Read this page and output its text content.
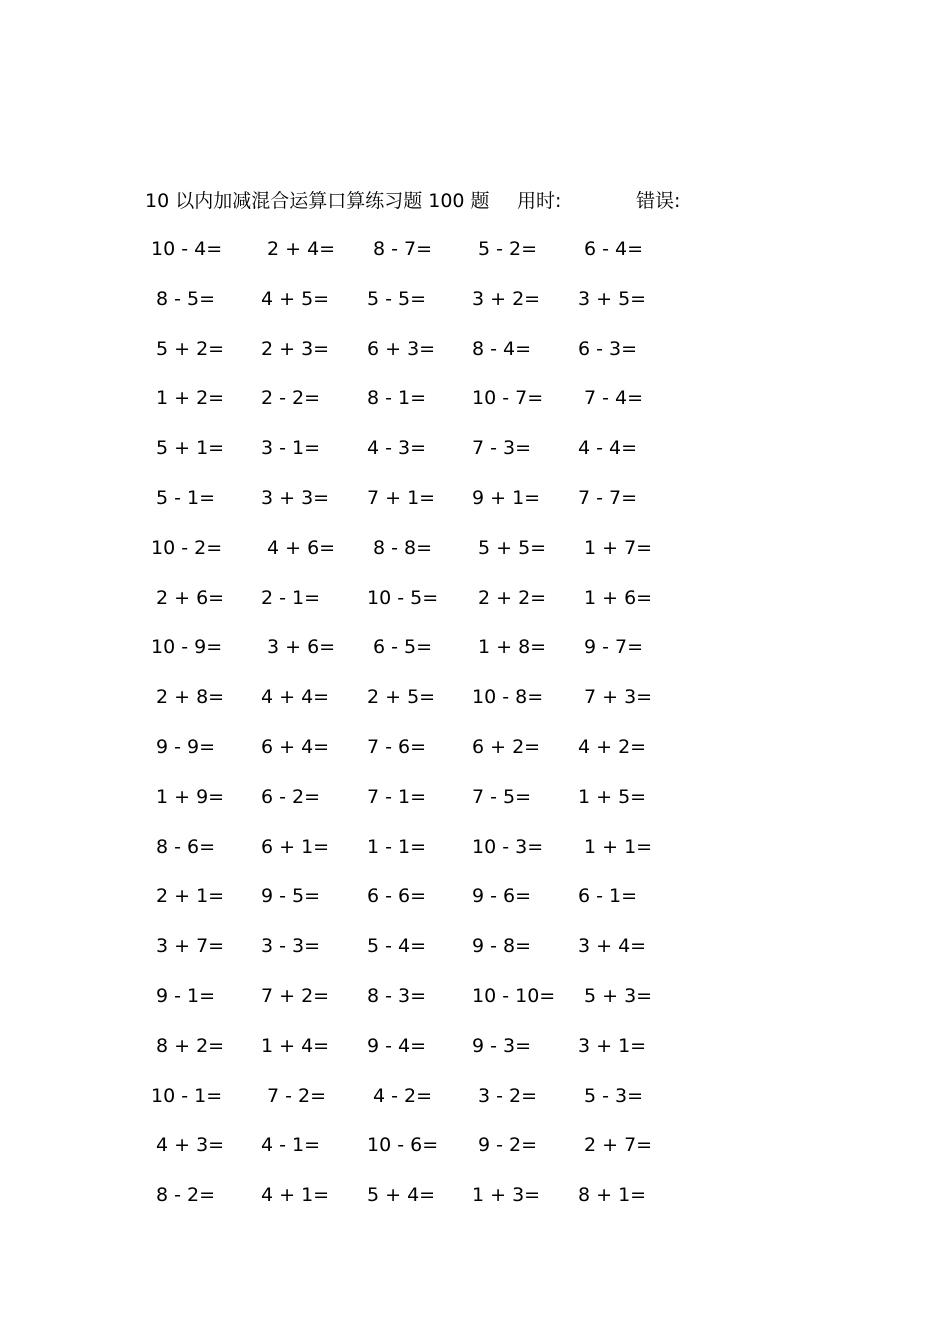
10 以内加减混合运算口算练习题 100 题 用时:	错误:
10 - 4= 2 + 4= 8 - 7= 5 - 2= 6 - 4=
8 - 5= 4 + 5= 5 - 5= 3 + 2= 3 + 5=
5 + 2= 2 + 3= 6 + 3= 8 - 4= 6 - 3=
1 + 2= 2 - 2= 8 - 1= 10 - 7= 7 - 4=
5 + 1= 3 - 1= 4 - 3= 7 - 3= 4 - 4=
5 - 1= 3 + 3= 7 + 1= 9 + 1= 7 - 7=
10 - 2= 4 + 6= 8 - 8= 5 + 5= 1 + 7=
2 + 6= 2 - 1= 10 - 5= 2 + 2= 1 + 6=
10 - 9= 3 + 6= 6 - 5= 1 + 8= 9 - 7=
2 + 8= 4 + 4= 2 + 5= 10 - 8= 7 + 3=
9 - 9= 6 + 4= 7 - 6= 6 + 2= 4 + 2=
1 + 9= 6 - 2= 7 - 1= 7 - 5= 1 + 5=
8 - 6= 6 + 1= 1 - 1= 10 - 3= 1 + 1=
2 + 1= 9 - 5= 6 - 6= 9 - 6= 6 - 1=
3 + 7= 3 - 3= 5 - 4= 9 - 8= 3 + 4=
9 - 1= 7 + 2= 8 - 3= 10 - 10= 5 + 3=
8 + 2= 1 + 4= 9 - 4= 9 - 3= 3 + 1=
10 - 1= 7 - 2= 4 - 2= 3 - 2= 5 - 3=
4 + 3= 4 - 1= 10 - 6= 9 - 2= 2 + 7=
8 - 2= 4 + 1= 5 + 4= 1 + 3= 8 + 1=
